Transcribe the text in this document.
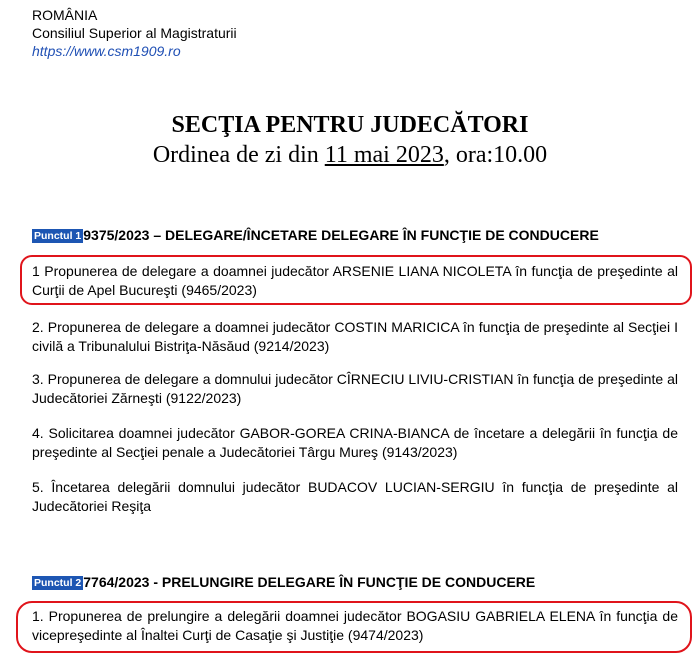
ROMÂNIA
Consiliul Superior al Magistraturii
https://www.csm1909.ro
SECŢIA PENTRU JUDECĂTORI
Ordinea de zi din 11 mai 2023, ora:10.00
Punctul 1 9375/2023 – DELEGARE/ÎNCETARE DELEGARE ÎN FUNCŢIE DE CONDUCERE
1 Propunerea de delegare a doamnei judecător ARSENIE LIANA NICOLETA în funcţia de preşedinte al Curţii de Apel Bucureşti (9465/2023)
2. Propunerea de delegare a doamnei judecător COSTIN MARICICA în funcţia de preşedinte al Secţiei I civilă a Tribunalului Bistriţa-Năsăud (9214/2023)
3. Propunerea de delegare a domnului judecător CÎRNECIU LIVIU-CRISTIAN în funcţia de preşedinte al Judecătoriei Zărneşti (9122/2023)
4. Solicitarea doamnei judecător GABOR-GOREA CRINA-BIANCA de încetare a delegării în funcţia de preşedinte al Secţiei penale a Judecătoriei Târgu Mureş (9143/2023)
5. Încetarea delegării domnului judecător BUDACOV LUCIAN-SERGIU în funcţia de preşedinte al Judecătoriei Reşiţa
Punctul 2 7764/2023 - PRELUNGIRE DELEGARE ÎN FUNCŢIE DE CONDUCERE
1. Propunerea de prelungire a delegării doamnei judecător BOGASIU GABRIELA ELENA în funcţia de vicepreşedinte al Înaltei Curţi de Casaţie şi Justiţie (9474/2023)
